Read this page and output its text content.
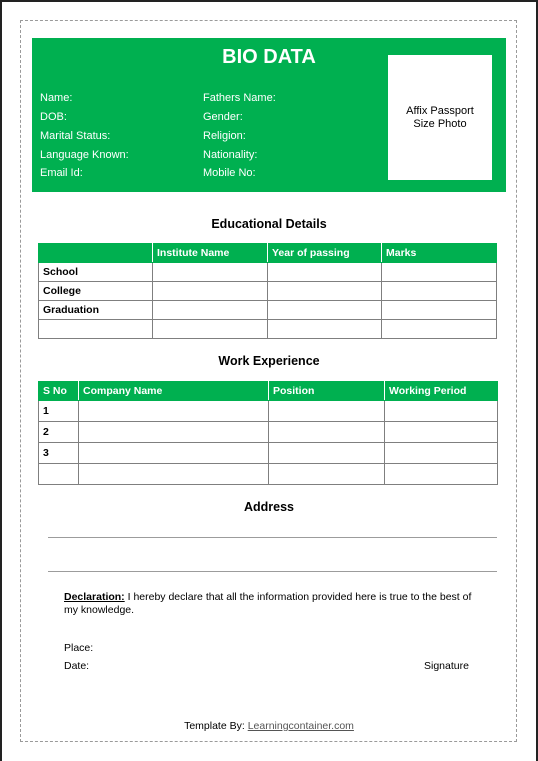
BIO DATA
Name:
DOB:
Marital Status:
Language Known:
Email Id:
Fathers Name:
Gender:
Religion:
Nationality:
Mobile No:
Affix Passport
Size Photo
Educational Details
	Institute Name	Year of passing	Marks
School			
College			
Graduation			

Work Experience
S No	Company Name	Position	Working Period
1			
2			
3			

Address
Declaration: I hereby declare that all the information provided here is true to the best of my knowledge.
Place:
Date:	Signature
Template By: Learningcontainer.com
